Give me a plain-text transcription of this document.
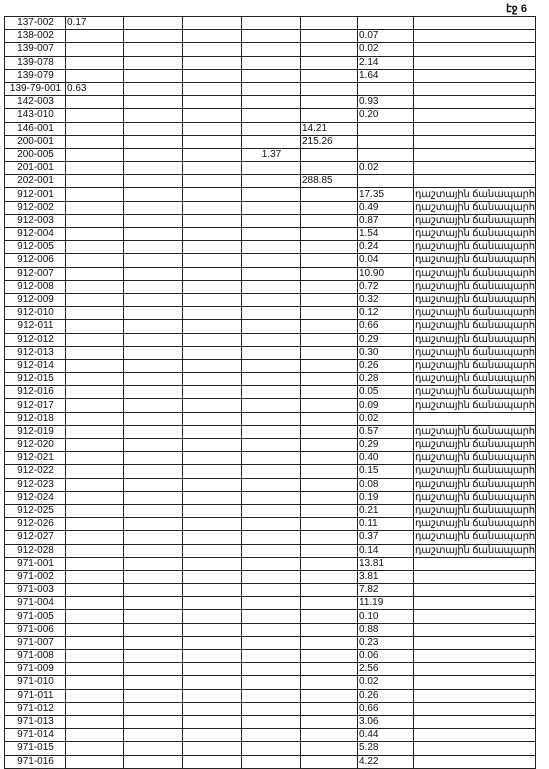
էջ 6
137-002	0.17						
138-002						0.07	
139-007						0.02	
139-078						2.14	
139-079						1.64	
139-79-001	0.63						
142-003						0.93	
143-010						0.20	
146-001					14.21		
200-001					215.26		
200-005				1.37			
201-001						0.02	
202-001					288.85		
912-001						17.35	դաշտային ճանապարհ
912-002						0.49	դաշտային ճանապարհ
912-003						0.87	դաշտային ճանապարհ
912-004						1.54	դաշտային ճանապարհ
912-005						0.24	դաշտային ճանապարհ
912-006						0.04	դաշտային ճանապարհ
912-007						10.90	դաշտային ճանապարհ
912-008						0.72	դաշտային ճանապարհ
912-009						0.32	դաշտային ճանապարհ
912-010						0.12	դաշտային ճանապարհ
912-011						0.66	դաշտային ճանապարհ
912-012						0.29	դաշտային ճանապարհ
912-013						0.30	դաշտային ճանապարհ
912-014						0.26	դաշտային ճանապարհ
912-015						0.28	դաշտային ճանապարհ
912-016						0.05	դաշտային ճանապարհ
912-017						0.09	դաշտային ճանապարհ
912-018						0.02	
912-019						0.57	դաշտային ճանապարհ
912-020						0.29	դաշտային ճանապարհ
912-021						0.40	դաշտային ճանապարհ
912-022						0.15	դաշտային ճանապարհ
912-023						0.08	դաշտային ճանապարհ
912-024						0.19	դաշտային ճանապարհ
912-025						0.21	դաշտային ճանապարհ
912-026						0.11	դաշտային ճանապարհ
912-027						0.37	դաշտային ճանապարհ
912-028						0.14	դաշտային ճանապարհ
971-001						13.81	
971-002						3.81	
971-003						7.82	
971-004						11.19	
971-005						0.10	
971-006						0.88	
971-007						0.23	
971-008						0.06	
971-009						2.56	
971-010						0.02	
971-011						0.26	
971-012						0.66	
971-013						3.06	
971-014						0.44	
971-015						5.28	
971-016						4.22	
